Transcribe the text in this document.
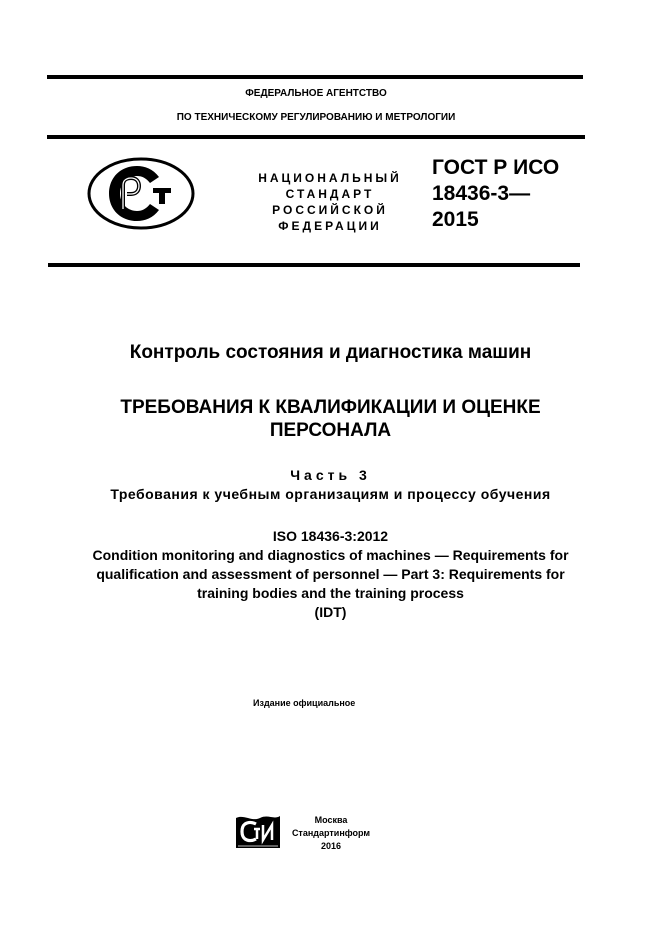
ФЕДЕРАЛЬНОЕ АГЕНТСТВО
ПО ТЕХНИЧЕСКОМУ РЕГУЛИРОВАНИЮ И МЕТРОЛОГИИ
НАЦИОНАЛЬНЫЙ
СТАНДАРТ
РОССИЙСКОЙ
ФЕДЕРАЦИИ
ГОСТ Р ИСО
18436-3—
2015
Контроль состояния и диагностика машин
ТРЕБОВАНИЯ К КВАЛИФИКАЦИИ И ОЦЕНКЕ
ПЕРСОНАЛА
Часть 3
Требования к учебным организациям и процессу обучения
ISO 18436-3:2012
Condition monitoring and diagnostics of machines — Requirements for
qualification and assessment of personnel — Part 3: Requirements for
training bodies and the training process
(IDT)
Издание официальное
Москва
Стандартинформ
2016
